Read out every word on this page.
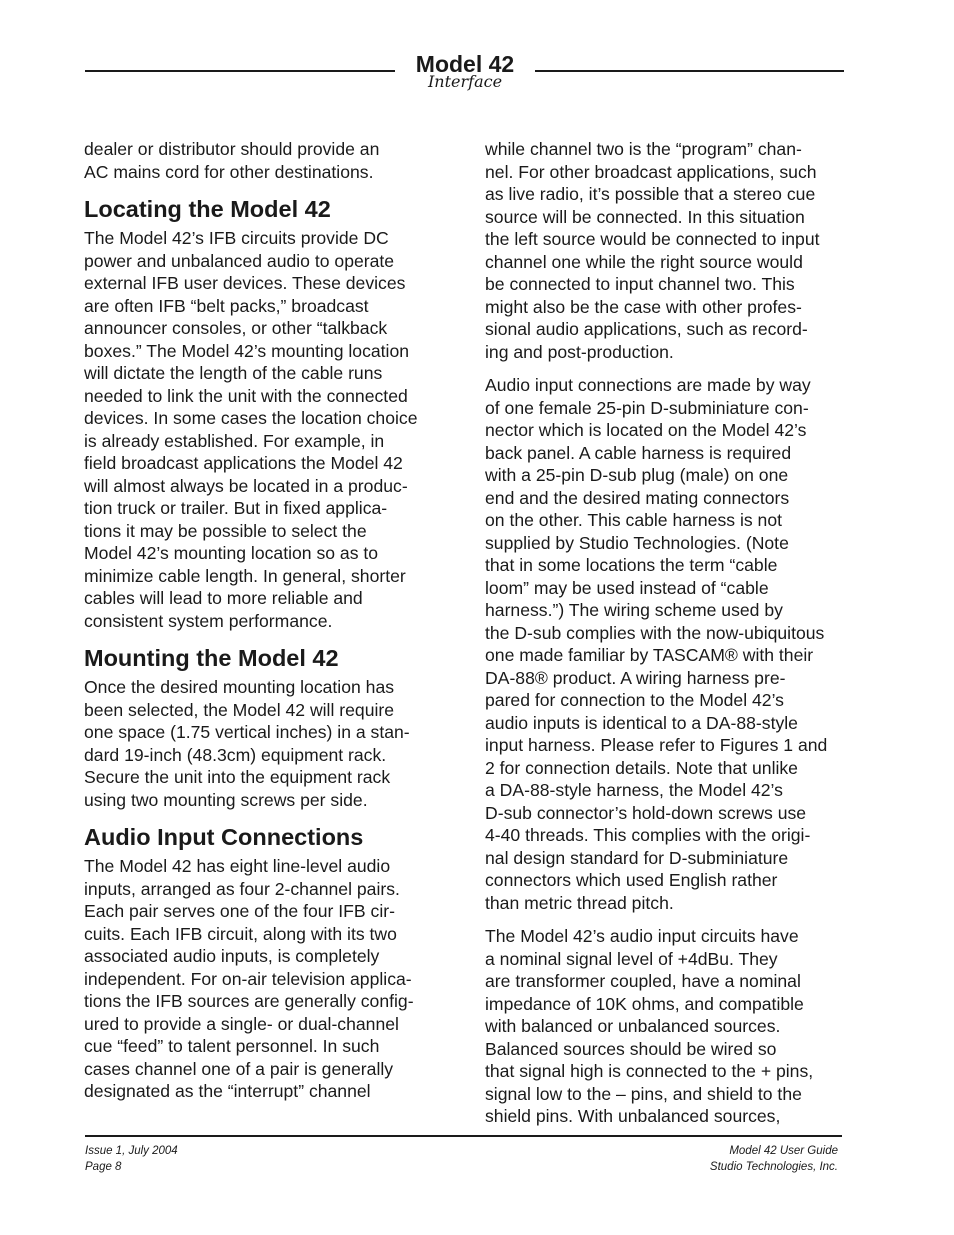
Model 42
Interface

dealer or distributor should provide an
AC mains cord for other destinations.

Locating the Model 42

The Model 42’s IFB circuits provide DC
power and unbalanced audio to operate
external IFB user devices. These devices
are often IFB “belt packs,” broadcast
announcer consoles, or other “talkback
boxes.” The Model 42’s mounting location
will dictate the length of the cable runs
needed to link the unit with the connected
devices. In some cases the location choice
is already established. For example, in
field broadcast applications the Model 42
will almost always be located in a produc-
tion truck or trailer. But in fixed applica-
tions it may be possible to select the
Model 42’s mounting location so as to
minimize cable length. In general, shorter
cables will lead to more reliable and
consistent system performance.

Mounting the Model 42

Once the desired mounting location has
been selected, the Model 42 will require
one space (1.75 vertical inches) in a stan-
dard 19-inch (48.3cm) equipment rack.
Secure the unit into the equipment rack
using two mounting screws per side.

Audio Input Connections

The Model 42 has eight line-level audio
inputs, arranged as four 2-channel pairs.
Each pair serves one of the four IFB cir-
cuits. Each IFB circuit, along with its two
associated audio inputs, is completely
independent. For on-air television applica-
tions the IFB sources are generally config-
ured to provide a single- or dual-channel
cue “feed” to talent personnel. In such
cases channel one of a pair is generally
designated as the “interrupt” channel

while channel two is the “program” chan-
nel. For other broadcast applications, such
as live radio, it’s possible that a stereo cue
source will be connected. In this situation
the left source would be connected to input
channel one while the right source would
be connected to input channel two. This
might also be the case with other profes-
sional audio applications, such as record-
ing and post-production.

Audio input connections are made by way
of one female 25-pin D-subminiature con-
nector which is located on the Model 42’s
back panel. A cable harness is required
with a 25-pin D-sub plug (male) on one
end and the desired mating connectors
on the other. This cable harness is not
supplied by Studio Technologies. (Note
that in some locations the term “cable
loom” may be used instead of “cable
harness.”) The wiring scheme used by
the D-sub complies with the now-ubiquitous
one made familiar by TASCAM® with their
DA-88® product. A wiring harness pre-
pared for connection to the Model 42’s
audio inputs is identical to a DA-88-style
input harness. Please refer to Figures 1 and
2 for connection details. Note that unlike
a DA-88-style harness, the Model 42’s
D-sub connector’s hold-down screws use
4-40 threads. This complies with the origi-
nal design standard for D-subminiature
connectors which used English rather
than metric thread pitch.

The Model 42’s audio input circuits have
a nominal signal level of +4dBu. They
are transformer coupled, have a nominal
impedance of 10K ohms, and compatible
with balanced or unbalanced sources.
Balanced sources should be wired so
that signal high is connected to the + pins,
signal low to the – pins, and shield to the
shield pins. With unbalanced sources,

Issue 1, July 2004
Page 8
Model 42 User Guide
Studio Technologies, Inc.
